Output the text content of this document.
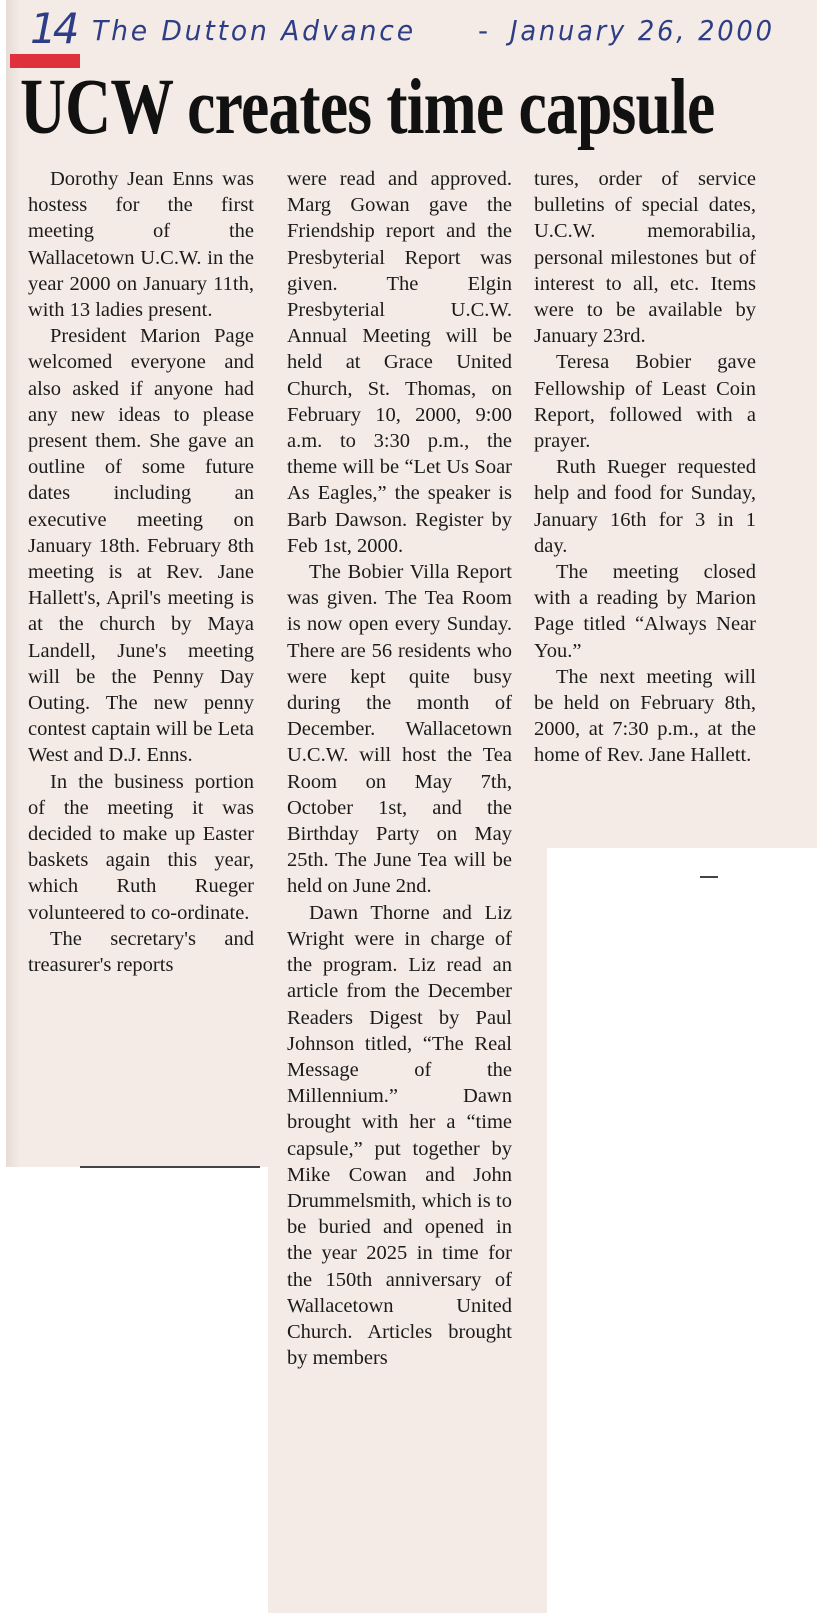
14 The Dutton Advance - January 26, 2000
UCW creates time capsule

Dorothy Jean Enns was hostess for the first meeting of the Wallacetown U.C.W. in the year 2000 on January 11th, with 13 ladies present.

President Marion Page welcomed everyone and also asked if anyone had any new ideas to please present them. She gave an outline of some future dates including an executive meeting on January 18th. February 8th meeting is at Rev. Jane Hallett's, April's meeting is at the church by Maya Landell, June's meeting will be the Penny Day Outing. The new penny contest captain will be Leta West and D.J. Enns.

In the business portion of the meeting it was decided to make up Easter baskets again this year, which Ruth Rueger volunteered to co-ordinate.

The secretary's and treasurer's reports

were read and approved. Marg Gowan gave the Friendship report and the Presbyterial Report was given. The Elgin Presbyterial U.C.W. Annual Meeting will be held at Grace United Church, St. Thomas, on February 10, 2000, 9:00 a.m. to 3:30 p.m., the theme will be “Let Us Soar As Eagles,” the speaker is Barb Dawson. Register by Feb 1st, 2000.

The Bobier Villa Report was given. The Tea Room is now open every Sunday. There are 56 residents who were kept quite busy during the month of December. Wallacetown U.C.W. will host the Tea Room on May 7th, October 1st, and the Birthday Party on May 25th. The June Tea will be held on June 2nd.

Dawn Thorne and Liz Wright were in charge of the program. Liz read an article from the December Readers Digest by Paul Johnson titled, “The Real Message of the Millennium.” Dawn brought with her a “time capsule,” put together by Mike Cowan and John Drummelsmith, which is to be buried and opened in the year 2025 in time for the 150th anniversary of Wallacetown United Church. Articles brought by members

tures, order of service bulletins of special dates, U.C.W. memorabilia, personal milestones but of interest to all, etc. Items were to be available by January 23rd.

Teresa Bobier gave Fellowship of Least Coin Report, followed with a prayer.

Ruth Rueger requested help and food for Sunday, January 16th for 3 in 1 day.

The meeting closed with a reading by Marion Page titled “Always Near You.”

The next meeting will be held on February 8th, 2000, at 7:30 p.m., at the home of Rev. Jane Hallett.
